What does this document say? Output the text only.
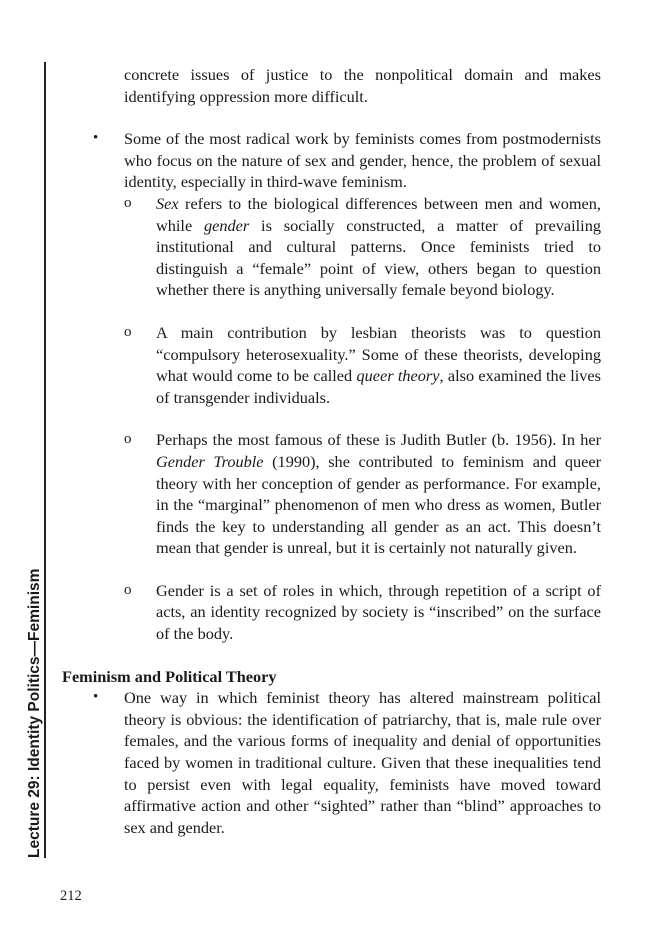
Lecture 29: Identity Politics—Feminism

concrete issues of justice to the nonpolitical domain and makes identifying oppression more difficult.

• Some of the most radical work by feminists comes from postmodernists who focus on the nature of sex and gender, hence, the problem of sexual identity, especially in third-wave feminism.

o Sex refers to the biological differences between men and women, while gender is socially constructed, a matter of prevailing institutional and cultural patterns. Once feminists tried to distinguish a “female” point of view, others began to question whether there is anything universally female beyond biology.

o A main contribution by lesbian theorists was to question “compulsory heterosexuality.” Some of these theorists, developing what would come to be called queer theory, also examined the lives of transgender individuals.

o Perhaps the most famous of these is Judith Butler (b. 1956). In her Gender Trouble (1990), she contributed to feminism and queer theory with her conception of gender as performance. For example, in the “marginal” phenomenon of men who dress as women, Butler finds the key to understanding all gender as an act. This doesn’t mean that gender is unreal, but it is certainly not naturally given.

o Gender is a set of roles in which, through repetition of a script of acts, an identity recognized by society is “inscribed” on the surface of the body.

Feminism and Political Theory
• One way in which feminist theory has altered mainstream political theory is obvious: the identification of patriarchy, that is, male rule over females, and the various forms of inequality and denial of opportunities faced by women in traditional culture. Given that these inequalities tend to persist even with legal equality, feminists have moved toward affirmative action and other “sighted” rather than “blind” approaches to sex and gender.

212
